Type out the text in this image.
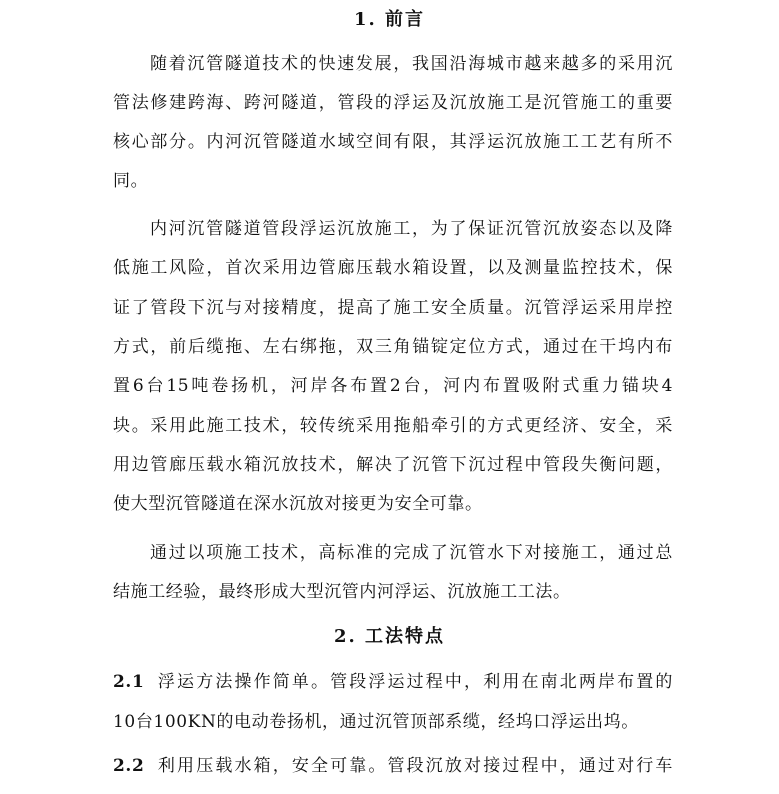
1. 前言
随着沉管隧道技术的快速发展，我国沿海城市越来越多的采用沉
管法修建跨海、跨河隧道，管段的浮运及沉放施工是沉管施工的重要
核心部分。内河沉管隧道水域空间有限，其浮运沉放施工工艺有所不
同。
内河沉管隧道管段浮运沉放施工，为了保证沉管沉放姿态以及降
低施工风险，首次采用边管廊压载水箱设置，以及测量监控技术，保
证了管段下沉与对接精度，提高了施工安全质量。沉管浮运采用岸控
方式，前后缆拖、左右绑拖，双三角锚锭定位方式，通过在干坞内布
置6台15吨卷扬机，河岸各布置2台，河内布置吸附式重力锚块4
块。采用此施工技术，较传统采用拖船牵引的方式更经济、安全，采
用边管廊压载水箱沉放技术，解决了沉管下沉过程中管段失衡问题，
使大型沉管隧道在深水沉放对接更为安全可靠。
通过以项施工技术，高标准的完成了沉管水下对接施工，通过总
结施工经验，最终形成大型沉管内河浮运、沉放施工工法。
2. 工法特点
2.1 浮运方法操作简单。管段浮运过程中，利用在南北两岸布置的
10台100KN的电动卷扬机，通过沉管顶部系缆，经坞口浮运出坞。
2.2 利用压载水箱，安全可靠。管段沉放对接过程中，通过对行车
